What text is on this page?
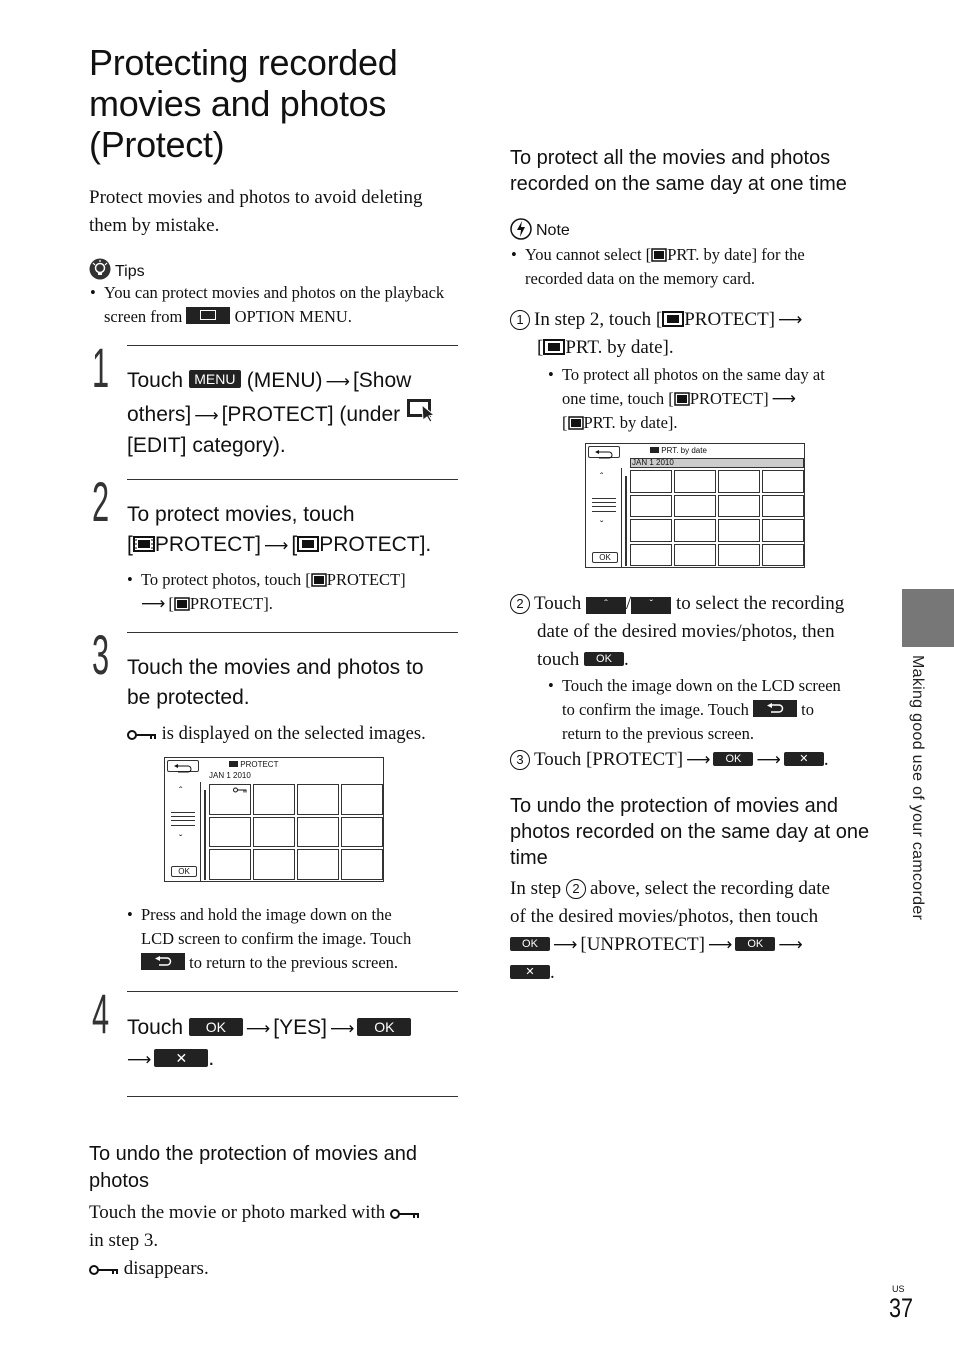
Protecting recorded movies and photos (Protect)
Protect movies and photos to avoid deleting them by mistake.
Tips
• You can protect movies and photos on the playback screen from	OPTION MENU.
1 Touch MENU (MENU) ⟶ [Show
others] ⟶ [PROTECT] (under
[EDIT] category).
2 To protect movies, touch
[ PROTECT] ⟶ [ PROTECT].
• To protect photos, touch [ PROTECT]
⟶ [ PROTECT].
3 Touch the movies and photos to
be protected.
is displayed on the selected images.
PROTECT
JAN 1 2010
ˆ
ˇ
OK
• Press and hold the image down on the
LCD screen to confirm the image. Touch

to return to the previous screen.
4 Touch OK ⟶ [YES] ⟶ OK
⟶ ✕ .
To undo the protection of movies and photos
Touch the movie or photo marked with
in step 3.
disappears.
To protect all the movies and photos recorded on the same day at one time
Note
• You cannot select [ PRT. by date] for the
recorded data on the memory card.
1 In step 2, touch [ PROTECT] ⟶
[ PRT. by date].
• To protect all photos on the same day at
one time, touch [ PROTECT] ⟶
[ PRT. by date].
PRT. by date
JAN 1 2010
ˆ
ˇ
OK
2 Touch ˆ / ˇ to select the recording
date of the desired movies/photos, then
touch OK .
• Touch the image down on the LCD screen
to confirm the image. Touch	to
return to the previous screen.
3 Touch [PROTECT] ⟶ OK ⟶ ✕ .
To undo the protection of movies and photos recorded on the same day at one time
In step 2 above, select the recording date
of the desired movies/photos, then touch
OK ⟶ [UNPROTECT] ⟶ OK ⟶
✕ .
Making good use of your camcorder
US
37
